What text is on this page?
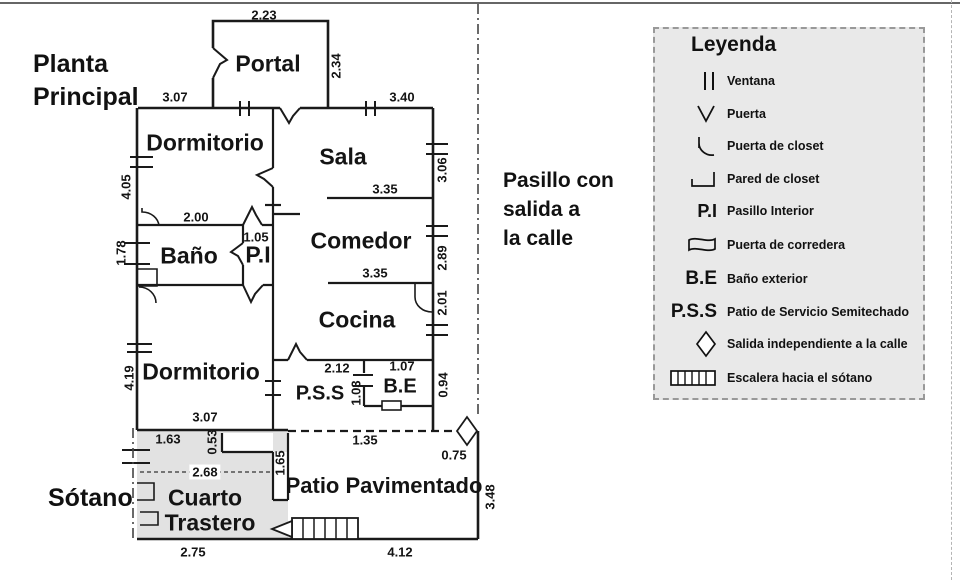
Planta
Principal
Pasillo con
salida a
la calle
Sótano
Portal
Dormitorio
Sala
Baño P.I
Comedor
Cocina
Dormitorio
P.S.S B.E
Cuarto
Trastero
Patio Pavimentado
2.23
2.34
3.07	3.40
4.05
1.78
2.00
1.05
3.35
3.06
2.89
3.35
2.01
4.19	2.12	1.07
1.03	0.94
3.07
1.63 0.53
2.68	1.65
1.35
0.75
3.48
2.75	4.12
Leyenda
Ventana
Puerta
Puerta de closet
Pared de closet
P.I Pasillo Interior
Puerta de corredera
B.E Baño exterior
P.S.S Patio de Servicio Semitechado
Salida independiente a la calle
Escalera hacia el sótano
